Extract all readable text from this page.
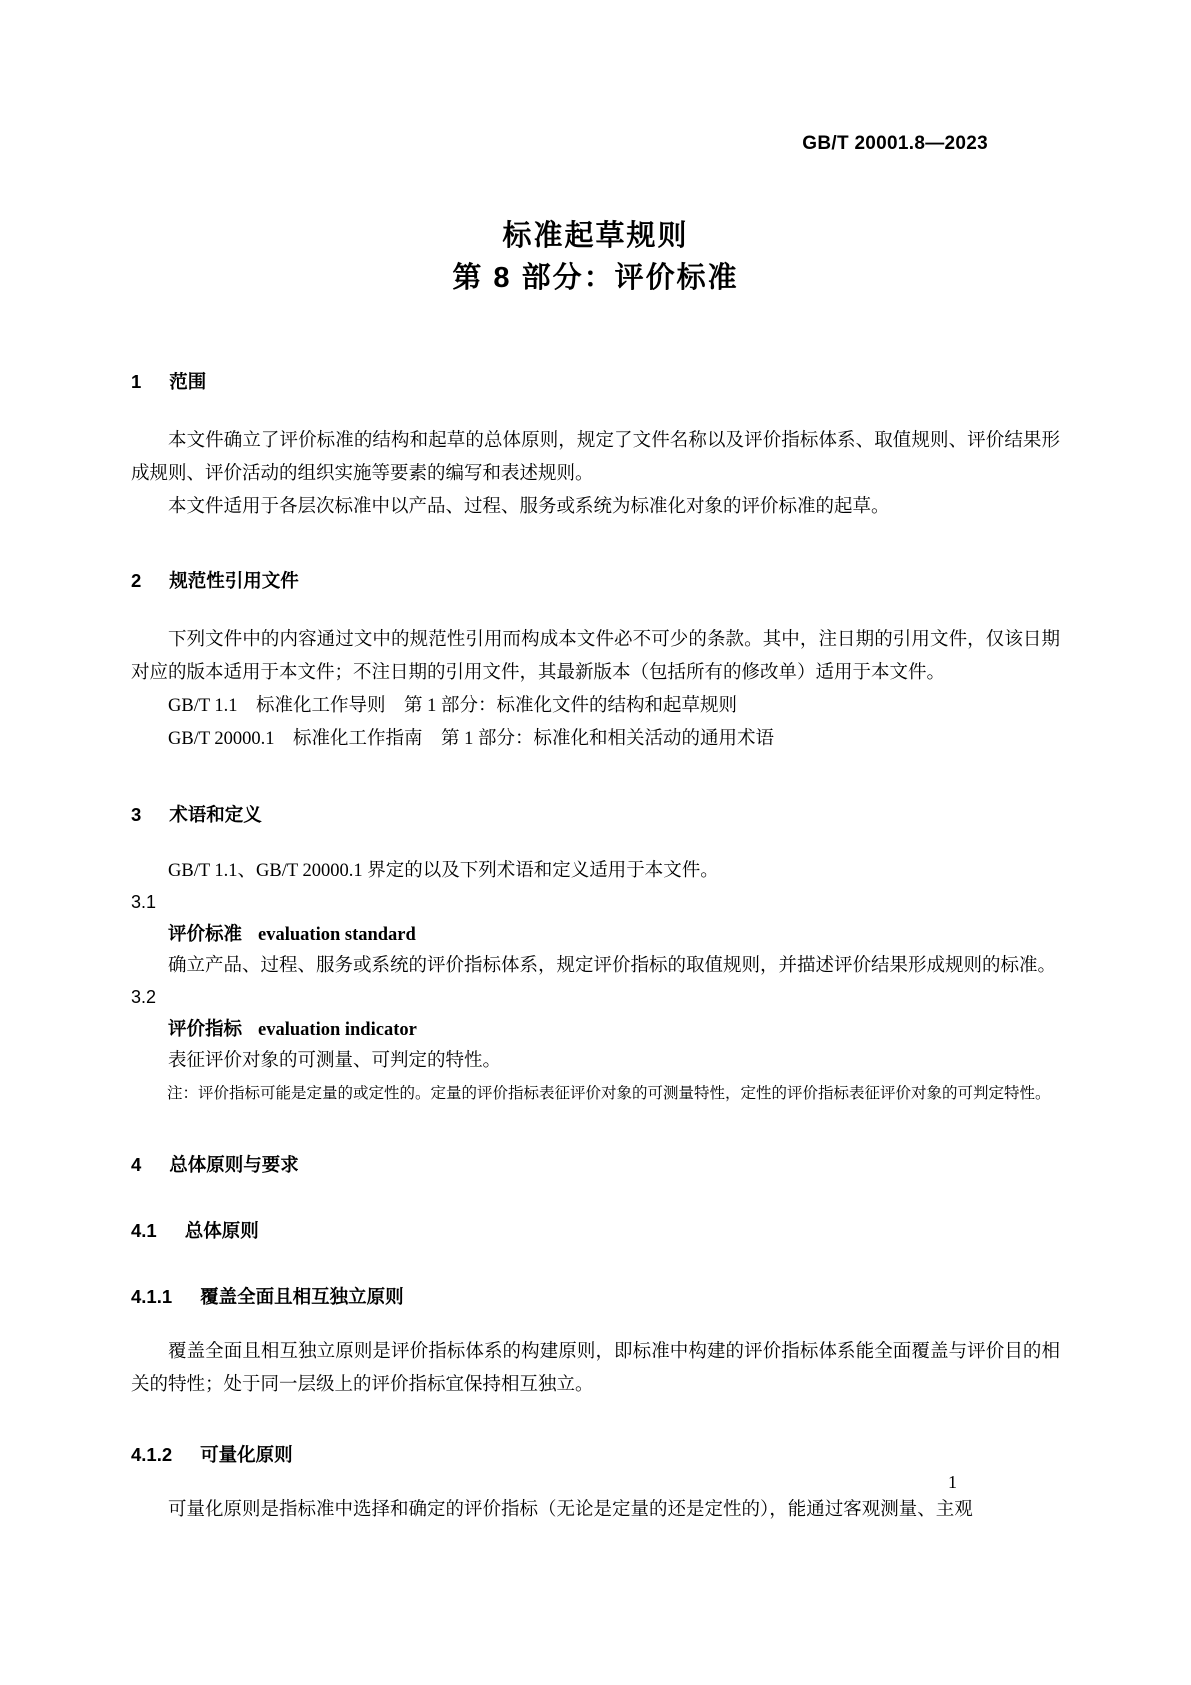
GB/T 20001.8—2023
标准起草规则
第 8 部分：评价标准
1 范围

本文件确立了评价标准的结构和起草的总体原则，规定了文件名称以及评价指标体系、取值规则、评价结果形成规则、评价活动的组织实施等要素的编写和表述规则。

本文件适用于各层次标准中以产品、过程、服务或系统为标准化对象的评价标准的起草。

2 规范性引用文件

下列文件中的内容通过文中的规范性引用而构成本文件必不可少的条款。其中，注日期的引用文件，仅该日期对应的版本适用于本文件；不注日期的引用文件，其最新版本（包括所有的修改单）适用于本文件。

GB/T 1.1　标准化工作导则　第 1 部分：标准化文件的结构和起草规则

GB/T 20000.1　标准化工作指南　第 1 部分：标准化和相关活动的通用术语

3 术语和定义

GB/T 1.1、GB/T 20000.1 界定的以及下列术语和定义适用于本文件。

3.1
评价标准 evaluation standard

确立产品、过程、服务或系统的评价指标体系，规定评价指标的取值规则，并描述评价结果形成规则的标准。

3.2
评价指标 evaluation indicator

表征评价对象的可测量、可判定的特性。

注：评价指标可能是定量的或定性的。定量的评价指标表征评价对象的可测量特性，定性的评价指标表征评价对象的可判定特性。
4 总体原则与要求
4.1 总体原则
4.1.1 覆盖全面且相互独立原则

覆盖全面且相互独立原则是评价指标体系的构建原则，即标准中构建的评价指标体系能全面覆盖与评价目的相关的特性；处于同一层级上的评价指标宜保持相互独立。

4.1.2 可量化原则

可量化原则是指标准中选择和确定的评价指标（无论是定量的还是定性的），能通过客观测量、主观

1
